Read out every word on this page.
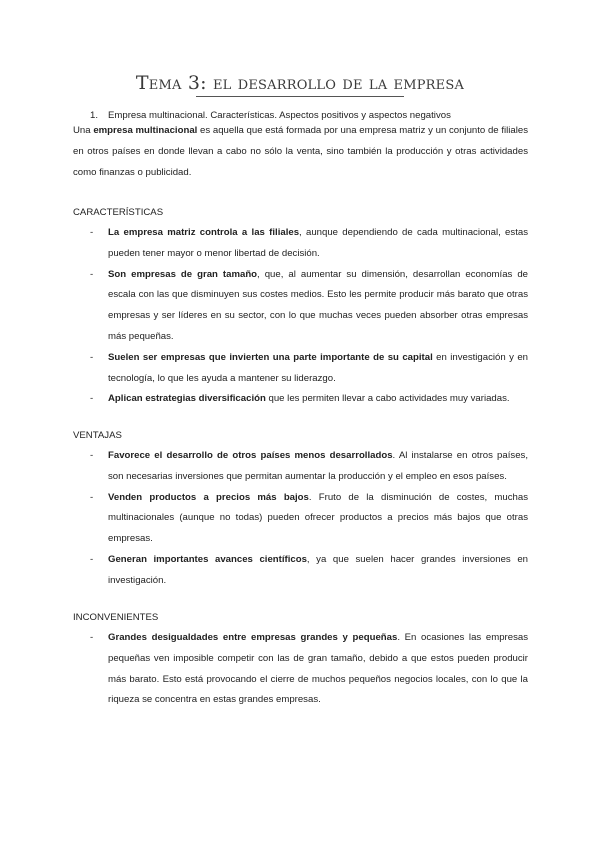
Tema 3: el desarrollo de la empresa
1. Empresa multinacional. Características. Aspectos positivos y aspectos negativos
Una empresa multinacional es aquella que está formada por una empresa matriz y un conjunto de filiales en otros países en donde llevan a cabo no sólo la venta, sino también la producción y otras actividades como finanzas o publicidad.
CARACTERÍSTICAS
- La empresa matriz controla a las filiales, aunque dependiendo de cada multinacional, estas pueden tener mayor o menor libertad de decisión.
- Son empresas de gran tamaño, que, al aumentar su dimensión, desarrollan economías de escala con las que disminuyen sus costes medios. Esto les permite producir más barato que otras empresas y ser líderes en su sector, con lo que muchas veces pueden absorber otras empresas más pequeñas.
- Suelen ser empresas que invierten una parte importante de su capital en investigación y en tecnología, lo que les ayuda a mantener su liderazgo.
- Aplican estrategias diversificación que les permiten llevar a cabo actividades muy variadas.
VENTAJAS
- Favorece el desarrollo de otros países menos desarrollados. Al instalarse en otros países, son necesarias inversiones que permitan aumentar la producción y el empleo en esos países.
- Venden productos a precios más bajos. Fruto de la disminución de costes, muchas multinacionales (aunque no todas) pueden ofrecer productos a precios más bajos que otras empresas.
- Generan importantes avances científicos, ya que suelen hacer grandes inversiones en investigación.
INCONVENIENTES
- Grandes desigualdades entre empresas grandes y pequeñas. En ocasiones las empresas pequeñas ven imposible competir con las de gran tamaño, debido a que estos pueden producir más barato. Esto está provocando el cierre de muchos pequeños negocios locales, con lo que la riqueza se concentra en estas grandes empresas.
